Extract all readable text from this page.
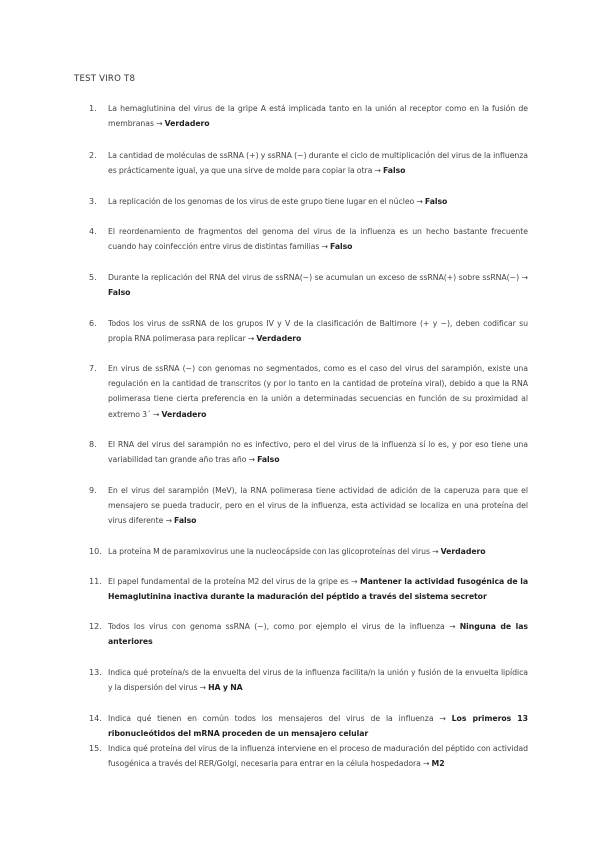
TEST VIRO T8
1.	La hemaglutinina del virus de la gripe A está implicada tanto en la unión al receptor como en la fusión de membranas → Verdadero
2.	La cantidad de moléculas de ssRNA (+) y ssRNA (−) durante el ciclo de multiplicación del virus de la influenza es prácticamente igual, ya que una sirve de molde para copiar la otra → Falso
3.	La replicación de los genomas de los virus de este grupo tiene lugar en el núcleo → Falso
4.	El reordenamiento de fragmentos del genoma del virus de la influenza es un hecho bastante frecuente cuando hay coinfección entre virus de distintas familias → Falso
5.	Durante la replicación del RNA del virus de ssRNA(−) se acumulan un exceso de ssRNA(+) sobre ssRNA(−) → Falso
6.	Todos los virus de ssRNA de los grupos IV y V de la clasificación de Baltimore (+ y −), deben codificar su propia RNA polimerasa para replicar → Verdadero
7.	En virus de ssRNA (−) con genomas no segmentados, como es el caso del virus del sarampión, existe una regulación en la cantidad de transcritos (y por lo tanto en la cantidad de proteína viral), debido a que la RNA polimerasa tiene cierta preferencia en la unión a determinadas secuencias en función de su proximidad al extremo 3´ → Verdadero
8.	El RNA del virus del sarampión no es infectivo, pero el del virus de la influenza sí lo es, y por eso tiene una variabilidad tan grande año tras año → Falso
9.	En el virus del sarampión (MeV), la RNA polimerasa tiene actividad de adición de la caperuza para que el mensajero se pueda traducir, pero en el virus de la influenza, esta actividad se localiza en una proteína del virus diferente → Falso
10. La proteína M de paramixovirus une la nucleocápside con las glicoproteínas del virus → Verdadero
11. El papel fundamental de la proteína M2 del virus de la gripe es → Mantener la actividad fusogénica de la Hemaglutinina inactiva durante la maduración del péptido a través del sistema secretor
12. Todos los virus con genoma ssRNA (−), como por ejemplo el virus de la influenza → Ninguna de las anteriores
13. Indica qué proteína/s de la envuelta del virus de la influenza facilita/n la unión y fusión de la envuelta lipídica y la dispersión del virus → HA y NA
14. Indica qué tienen en común todos los mensajeros del virus de la influenza → Los primeros 13 ribonucleótidos del mRNA proceden de un mensajero celular
15. Indica qué proteína del virus de la influenza interviene en el proceso de maduración del péptido con actividad fusogénica a través del RER/Golgi, necesaria para entrar en la célula hospedadora → M2
